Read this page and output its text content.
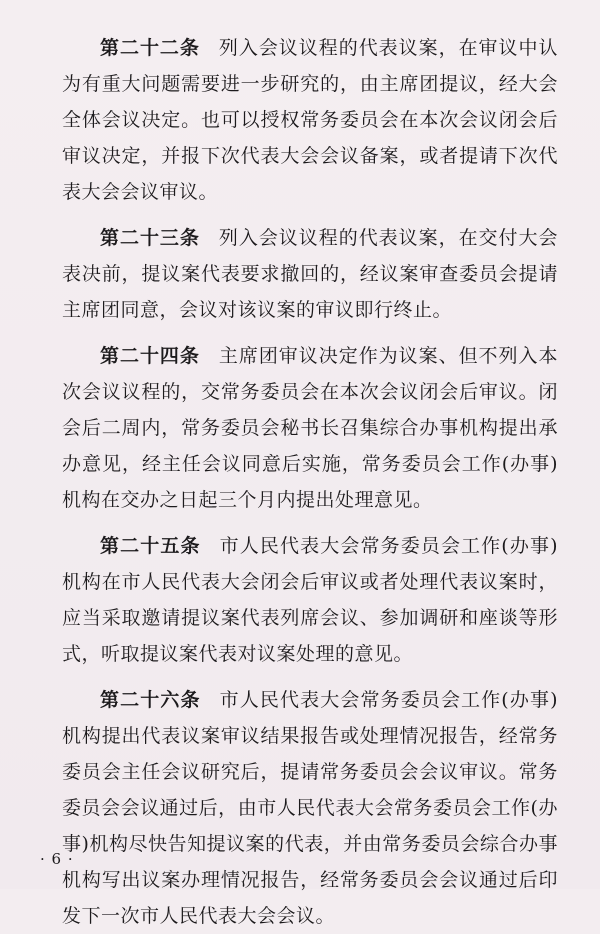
第二十二条 列入会议议程的代表议案，在审议中认为有重大问题需要进一步研究的，由主席团提议，经大会全体会议决定。也可以授权常务委员会在本次会议闭会后审议决定，并报下次代表大会会议备案，或者提请下次代表大会会议审议。

第二十三条 列入会议议程的代表议案，在交付大会表决前，提议案代表要求撤回的，经议案审查委员会提请主席团同意，会议对该议案的审议即行终止。

第二十四条 主席团审议决定作为议案、但不列入本次会议议程的，交常务委员会在本次会议闭会后审议。闭会后二周内，常务委员会秘书长召集综合办事机构提出承办意见，经主任会议同意后实施，常务委员会工作(办事)机构在交办之日起三个月内提出处理意见。

第二十五条 市人民代表大会常务委员会工作(办事)机构在市人民代表大会闭会后审议或者处理代表议案时，应当采取邀请提议案代表列席会议、参加调研和座谈等形式，听取提议案代表对议案处理的意见。

第二十六条 市人民代表大会常务委员会工作(办事)机构提出代表议案审议结果报告或处理情况报告，经常务委员会主任会议研究后，提请常务委员会会议审议。常务委员会会议通过后，由市人民代表大会常务委员会工作(办事)机构尽快告知提议案的代表，并由常务委员会综合办事机构写出议案办理情况报告，经常务委员会会议通过后印发下一次市人民代表大会会议。

· 6 ·
